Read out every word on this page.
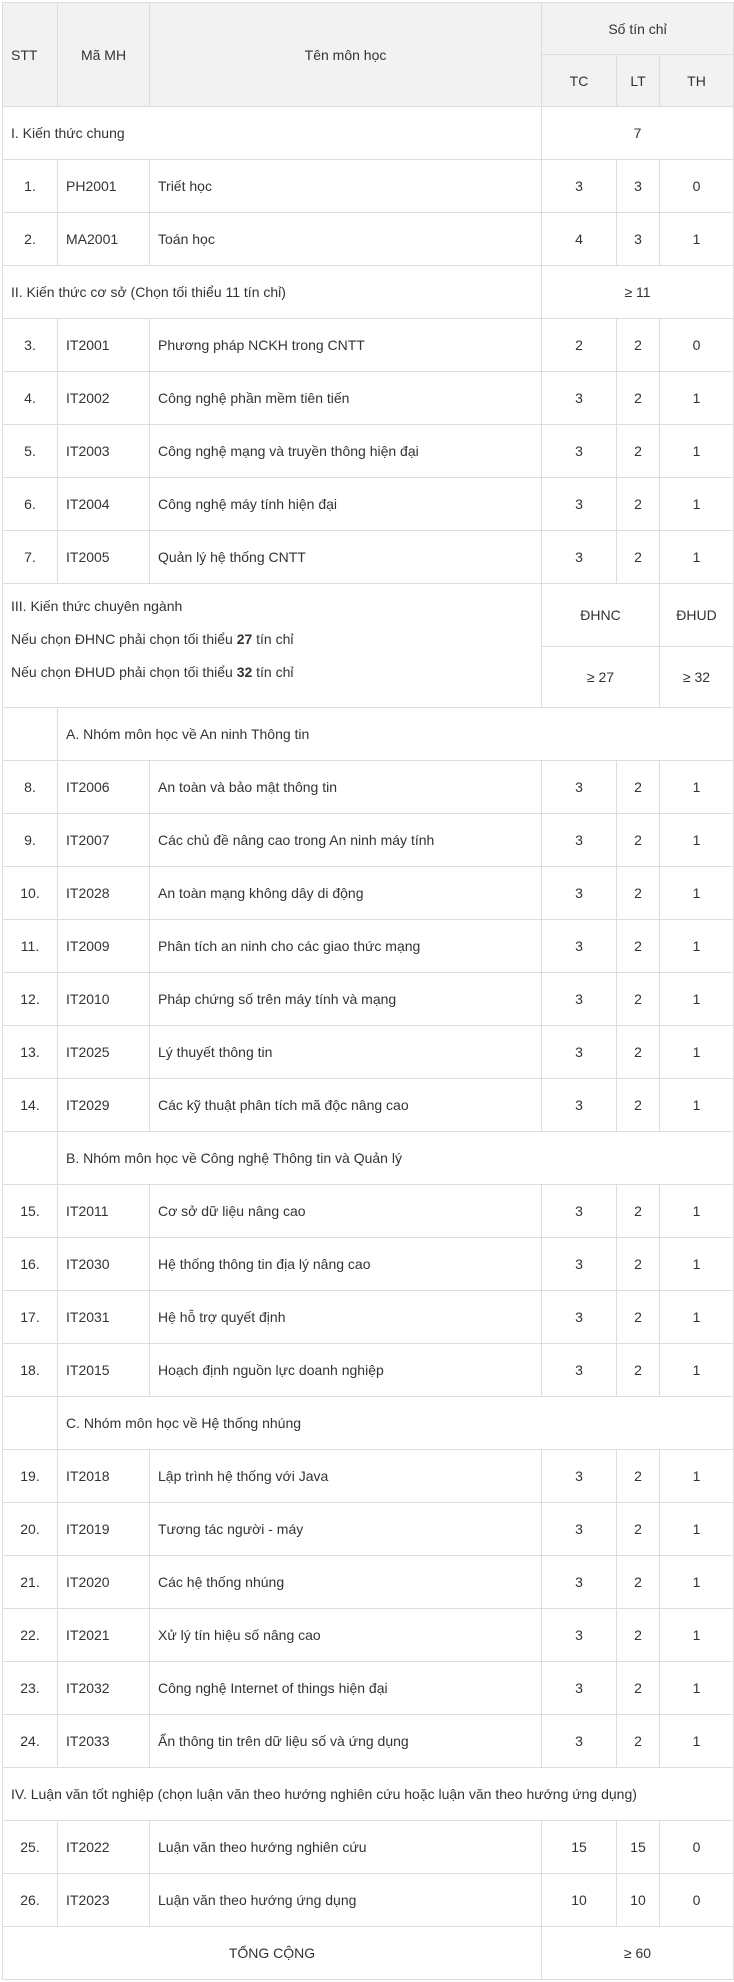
STT	Mã MH	Tên môn học	Số tín chỉ		
			TC	LT	TH
I. Kiến thức chung			7		
1.	PH2001	Triết học	3	3	0
2.	MA2001	Toán học	4	3	1
II. Kiến thức cơ sở (Chọn tối thiểu 11 tín chỉ)			≥ 11		
3.	IT2001	Phương pháp NCKH trong CNTT	2	2	0
4.	IT2002	Công nghệ phần mềm tiên tiến	3	2	1
5.	IT2003	Công nghệ mạng và truyền thông hiện đại	3	2	1
6.	IT2004	Công nghệ máy tính hiện đại	3	2	1
7.	IT2005	Quản lý hệ thống CNTT	3	2	1

III. Kiến thức chuyên ngành
Nếu chọn ĐHNC phải chọn tối thiểu 27 tín chỉ
Nếu chọn ĐHUD phải chọn tối thiểu 32 tín chỉ			ĐHNC		ĐHUD
			≥ 27		≥ 32
	A. Nhóm môn học về An ninh Thông tin				
8.	IT2006	An toàn và bảo mật thông tin	3	2	1
9.	IT2007	Các chủ đề nâng cao trong An ninh máy tính	3	2	1
10.	IT2028	An toàn mạng không dây di động	3	2	1
11.	IT2009	Phân tích an ninh cho các giao thức mạng	3	2	1
12.	IT2010	Pháp chứng số trên máy tính và mạng	3	2	1
13.	IT2025	Lý thuyết thông tin	3	2	1
14.	IT2029	Các kỹ thuật phân tích mã độc nâng cao	3	2	1
	B. Nhóm môn học về Công nghệ Thông tin và Quản lý				
15.	IT2011	Cơ sở dữ liệu nâng cao	3	2	1
16.	IT2030	Hệ thống thông tin địa lý nâng cao	3	2	1
17.	IT2031	Hệ hỗ trợ quyết định	3	2	1
18.	IT2015	Hoạch định nguồn lực doanh nghiệp	3	2	1
	C. Nhóm môn học về Hệ thống nhúng				
19.	IT2018	Lập trình hệ thống với Java	3	2	1
20.	IT2019	Tương tác người - máy	3	2	1
21.	IT2020	Các hệ thống nhúng	3	2	1
22.	IT2021	Xử lý tín hiệu số nâng cao	3	2	1
23.	IT2032	Công nghệ Internet of things hiện đại	3	2	1
24.	IT2033	Ẩn thông tin trên dữ liệu số và ứng dụng	3	2	1
IV. Luận văn tốt nghiệp (chọn luận văn theo hướng nghiên cứu hoặc luận văn theo hướng ứng dụng)					
25.	IT2022	Luận văn theo hướng nghiên cứu	15	15	0
26.	IT2023	Luận văn theo hướng ứng dụng	10	10	0
TỔNG CỘNG			≥ 60		
